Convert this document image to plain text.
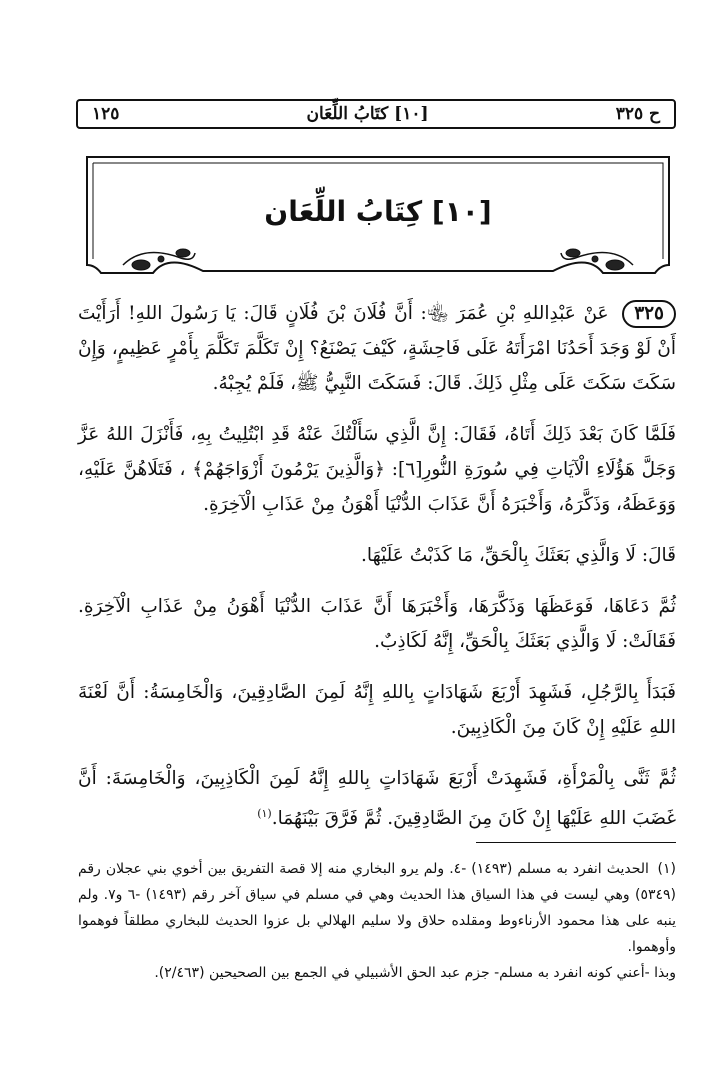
ح ٣٢٥
[١٠] كتَابُ اللِّعَان
١٢٥
[١٠] كِتَابُ اللِّعَان

٣٢٥ عَنْ عَبْدِاللهِ بْنِ عُمَرَ ﵄: أَنَّ فُلَانَ بْنَ فُلَانٍ قَالَ: يَا رَسُولَ اللهِ! أَرَأَيْتَ أَنْ لَوْ وَجَدَ أَحَدُنَا امْرَأَتَهُ عَلَى فَاحِشَةٍ، كَيْفَ يَصْنَعُ؟ إِنْ تَكَلَّمَ تَكَلَّمَ بِأَمْرٍ عَظِيمٍ، وَإِنْ سَكَتَ سَكَتَ عَلَى مِثْلِ ذَلِكَ. قَالَ: فَسَكَتَ النَّبِيُّ ﷺ، فَلَمْ يُجِبْهُ.

فَلَمَّا كَانَ بَعْدَ ذَلِكَ أَتَاهُ، فَقَالَ: إِنَّ الَّذِي سَأَلْتُكَ عَنْهُ قَدِ ابْتُلِيتُ بِهِ، فَأَنْزَلَ اللهُ عَزَّ وَجَلَّ هَؤُلَاءِ الْآيَاتِ فِي سُورَةِ النُّورِ[٦]: ﴿وَالَّذِينَ يَرْمُونَ أَزْوَاجَهُمْ﴾ ، فَتَلَاهُنَّ عَلَيْهِ، وَوَعَظَهُ، وَذَكَّرَهُ، وَأَخْبَرَهُ أَنَّ عَذَابَ الدُّنْيَا أَهْوَنُ مِنْ عَذَابِ الْآخِرَةِ.

قَالَ: لَا وَالَّذِي بَعَثَكَ بِالْحَقِّ، مَا كَذَبْتُ عَلَيْهَا.

ثُمَّ دَعَاهَا، فَوَعَظَهَا وَذَكَّرَهَا، وَأَخْبَرَهَا أَنَّ عَذَابَ الدُّنْيَا أَهْوَنُ مِنْ عَذَابِ الْآخِرَةِ. فَقَالَتْ: لَا وَالَّذِي بَعَثَكَ بِالْحَقِّ، إِنَّهُ لَكَاذِبٌ.

فَبَدَأَ بِالرَّجُلِ، فَشَهِدَ أَرْبَعَ شَهَادَاتٍ بِاللهِ إِنَّهُ لَمِنَ الصَّادِقِينَ، وَالْخَامِسَةُ: أَنَّ لَعْنَةَ اللهِ عَلَيْهِ إِنْ كَانَ مِنَ الْكَاذِبِينَ.

ثُمَّ ثَنَّى بِالْمَرْأَةِ، فَشَهِدَتْ أَرْبَعَ شَهَادَاتٍ بِاللهِ إِنَّهُ لَمِنَ الْكَاذِبِينَ، وَالْخَامِسَةَ: أَنَّ غَضَبَ اللهِ عَلَيْهَا إِنْ كَانَ مِنَ الصَّادِقِينَ. ثُمَّ فَرَّقَ بَيْنَهُمَا.$^{(١)}$

(١) الحديث انفرد به مسلم (١٤٩٣) -٤. ولم يرو البخاري منه إلا قصة التفريق بين أخوي بني عجلان رقم (٥٣٤٩) وهي ليست في هذا السياق هذا الحديث وهي في مسلم في سياق آخر رقم (١٤٩٣) -٦ و٧. ولم ينبه على هذا محمود الأرناءوط ومقلده حلاق ولا سليم الهلالي بل عزوا الحديث للبخاري مطلقاً فوهموا وأوهموا.

وبذا -أعني كونه انفرد به مسلم- جزم عبد الحق الأشبيلي في الجمع بين الصحيحين (٢/٤٦٣).
